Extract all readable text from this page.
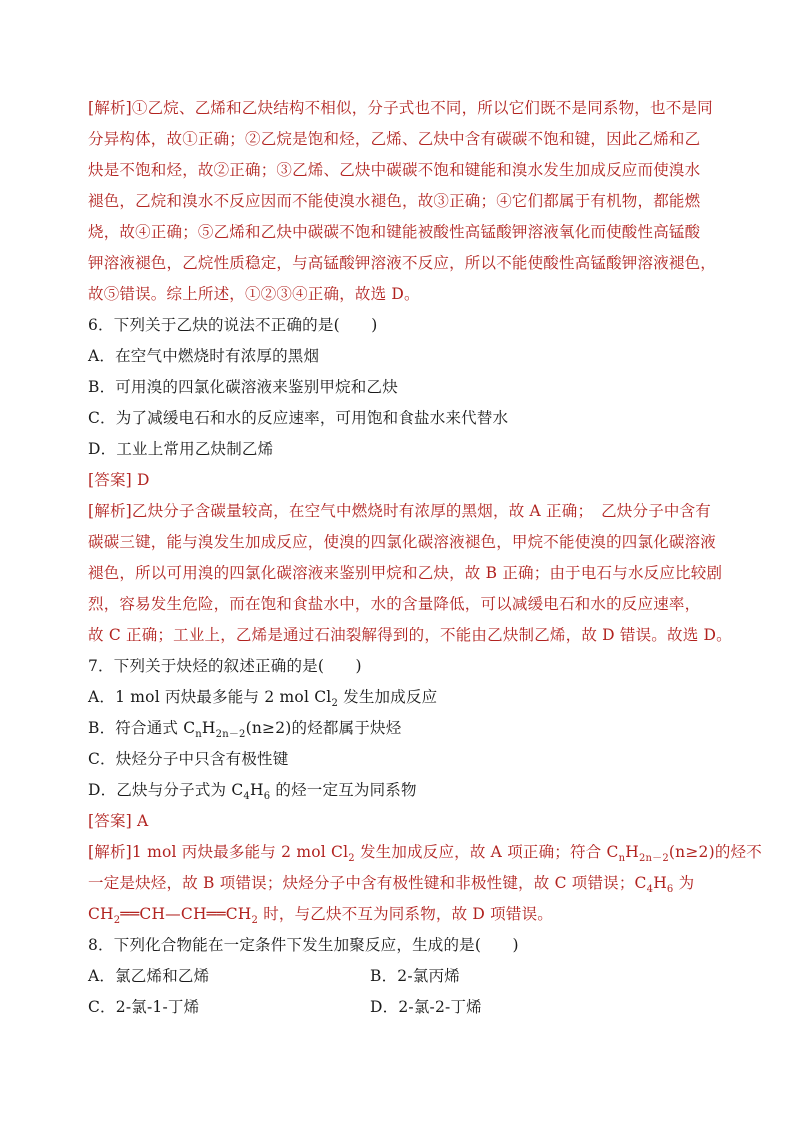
[解析]①乙烷、乙烯和乙炔结构不相似，分子式也不同，所以它们既不是同系物，也不是同
分异构体，故①正确；②乙烷是饱和烃，乙烯、乙炔中含有碳碳不饱和键，因此乙烯和乙
炔是不饱和烃，故②正确；③乙烯、乙炔中碳碳不饱和键能和溴水发生加成反应而使溴水
褪色，乙烷和溴水不反应因而不能使溴水褪色，故③正确；④它们都属于有机物，都能燃
烧，故④正确；⑤乙烯和乙炔中碳碳不饱和键能被酸性高锰酸钾溶液氧化而使酸性高锰酸
钾溶液褪色，乙烷性质稳定，与高锰酸钾溶液不反应，所以不能使酸性高锰酸钾溶液褪色，
故⑤错误。综上所述，①②③④正确，故选 D。
6．下列关于乙炔的说法不正确的是(　　)
A．在空气中燃烧时有浓厚的黑烟
B．可用溴的四氯化碳溶液来鉴别甲烷和乙炔
C．为了减缓电石和水的反应速率，可用饱和食盐水来代替水
D．工业上常用乙炔制乙烯
[答案] D
[解析]乙炔分子含碳量较高，在空气中燃烧时有浓厚的黑烟，故 A 正确；　乙炔分子中含有
碳碳三键，能与溴发生加成反应，使溴的四氯化碳溶液褪色，甲烷不能使溴的四氯化碳溶液
褪色，所以可用溴的四氯化碳溶液来鉴别甲烷和乙炔，故 B 正确；由于电石与水反应比较剧
烈，容易发生危险，而在饱和食盐水中，水的含量降低，可以减缓电石和水的反应速率，
故 C 正确；工业上，乙烯是通过石油裂解得到的，不能由乙炔制乙烯，故 D 错误。故选 D。
7．下列关于炔烃的叙述正确的是(　　)
A．1 mol 丙炔最多能与 2 mol $Cl_2$ 发生加成反应
B．符合通式 $C_nH_{2n-2}(n\ge 2)$的烃都属于炔烃
C．炔烃分子中只含有极性键
D．乙炔与分子式为 $C_4H_6$ 的烃一定互为同系物
[答案] A
[解析]1 mol 丙炔最多能与 2 mol $Cl_2$ 发生加成反应，故 A 项正确；符合 $C_nH_{2n-2}(n\ge 2)$的烃不
一定是炔烃，故 B 项错误；炔烃分子中含有极性键和非极性键，故 C 项错误；$C_4H_6$ 为
$CH_2══CH—CH══CH_2$ 时，与乙炔不互为同系物，故 D 项错误。
8．下列化合物能在一定条件下发生加聚反应，生成的是(　　)
A．氯乙烯和乙烯	B．2-氯丙烯
C．2-氯-1-丁烯	D．2-氯-2-丁烯
